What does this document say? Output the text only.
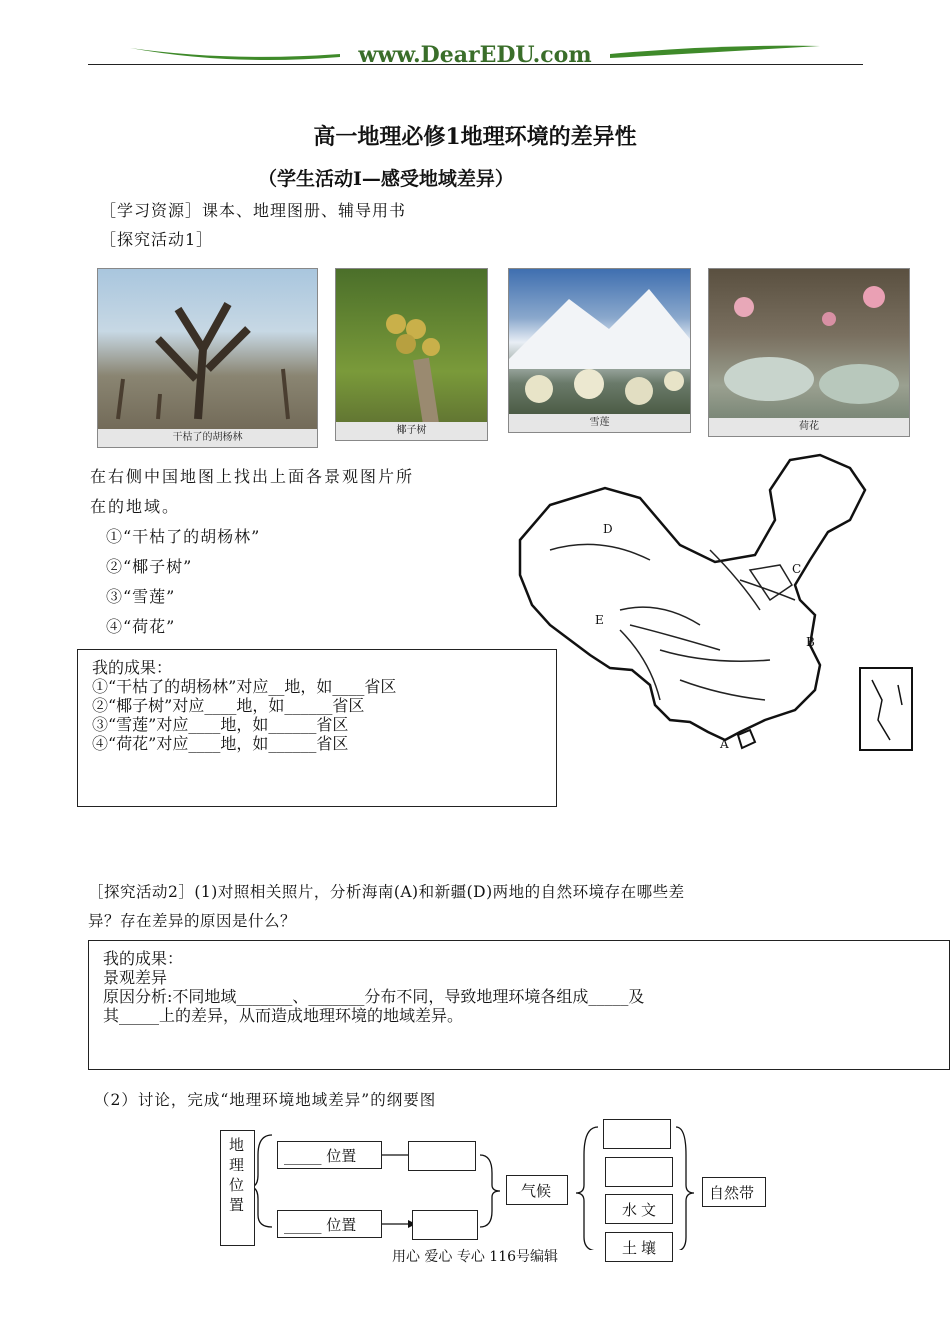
www.DearEDU.com
高一地理必修1地理环境的差异性
（学生活动Ⅰ—感受地域差异）
［学习资源］课本、地理图册、辅导用书
［探究活动1］
干枯了的胡杨林
椰子树
雪莲	荷花
在右侧中国地图上找出上面各景观图片所
在的地域。
①“干枯了的胡杨林”
②“椰子树”
③“雪莲”
④“荷花”
D
C
E
B
A
我的成果：
①“干枯了的胡杨林”对应__地，如____省区
②“椰子树”对应____地，如______省区
③“雪莲”对应____地，如______省区
④“荷花”对应____地，如______省区
［探究活动2］(1)对照相关照片，分析海南(A)和新疆(D)两地的自然环境存在哪些差
异？存在差异的原因是什么？
我的成果：
景观差异
原因分析:不同地域_______、_______分布不同，导致地理环境各组成_____及
其_____上的差异，从而造成地理环境的地域差异。
（2）讨论，完成“地理环境地域差异”的纲要图
地理位置
_____ 位置
_____ 位置
气候
水文
土壤
自然带
用心 爱心 专心 116号编辑
